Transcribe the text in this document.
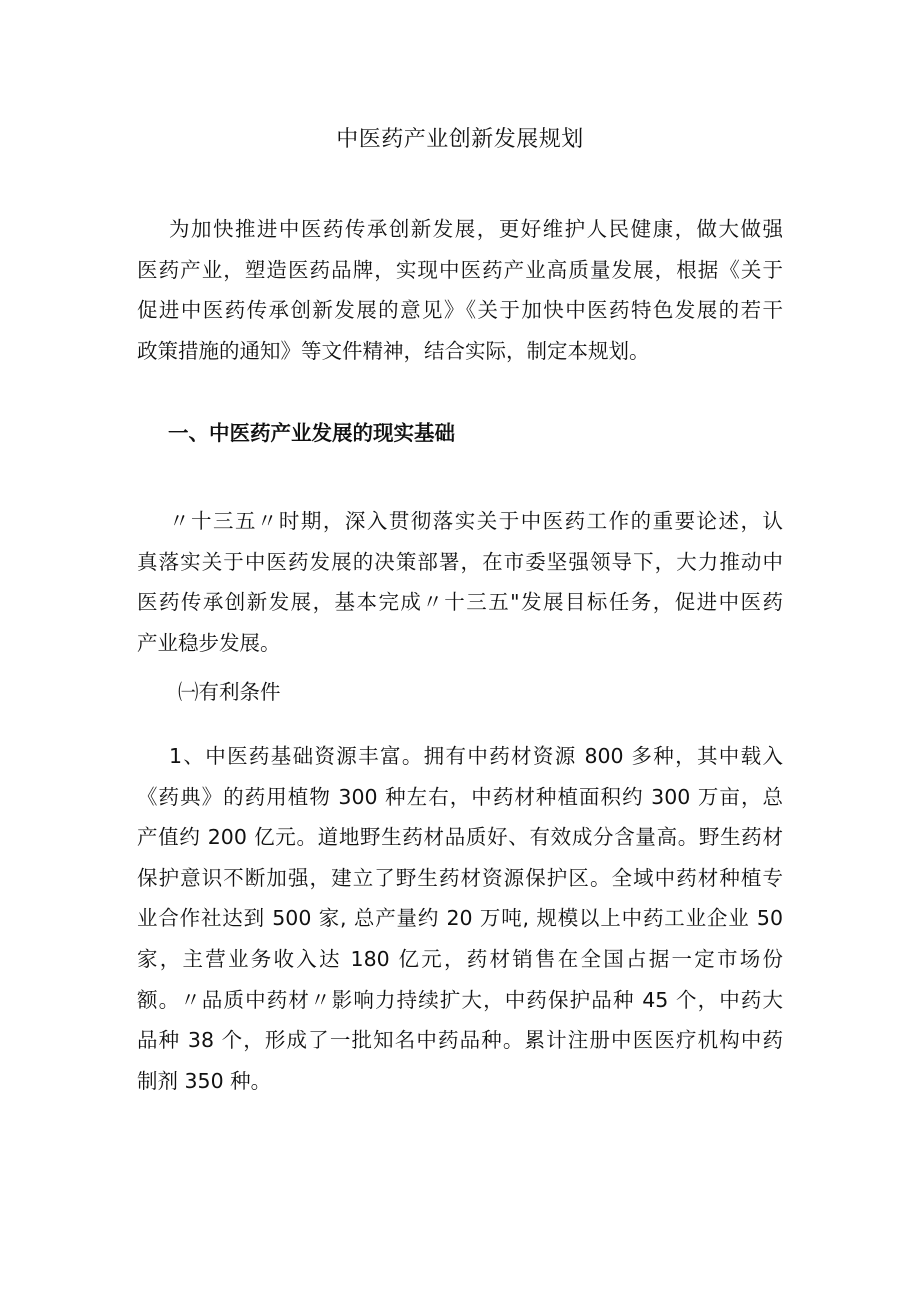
中医药产业创新发展规划
为加快推进中医药传承创新发展，更好维护人民健康，做大做强
医药产业，塑造医药品牌，实现中医药产业高质量发展，根据《关于
促进中医药传承创新发展的意见》《关于加快中医药特色发展的若干
政策措施的通知》等文件精神，结合实际，制定本规划。
一、中医药产业发展的现实基础
〃十三五〃时期，深入贯彻落实关于中医药工作的重要论述，认
真落实关于中医药发展的决策部署，在市委坚强领导下，大力推动中
医药传承创新发展，基本完成〃十三五"发展目标任务，促进中医药
产业稳步发展。
㈠有利条件
1、中医药基础资源丰富。拥有中药材资源 800 多种，其中载入
《药典》的药用植物 300 种左右，中药材种植面积约 300 万亩，总
产值约 200 亿元。道地野生药材品质好、有效成分含量高。野生药材
保护意识不断加强，建立了野生药材资源保护区。全域中药材种植专
业合作社达到 500 家, 总产量约 20 万吨, 规模以上中药工业企业 50
家，主营业务收入达 180 亿元，药材销售在全国占据一定市场份
额。〃品质中药材〃影响力持续扩大，中药保护品种 45 个，中药大
品种 38 个，形成了一批知名中药品种。累计注册中医医疗机构中药
制剂 350 种。
